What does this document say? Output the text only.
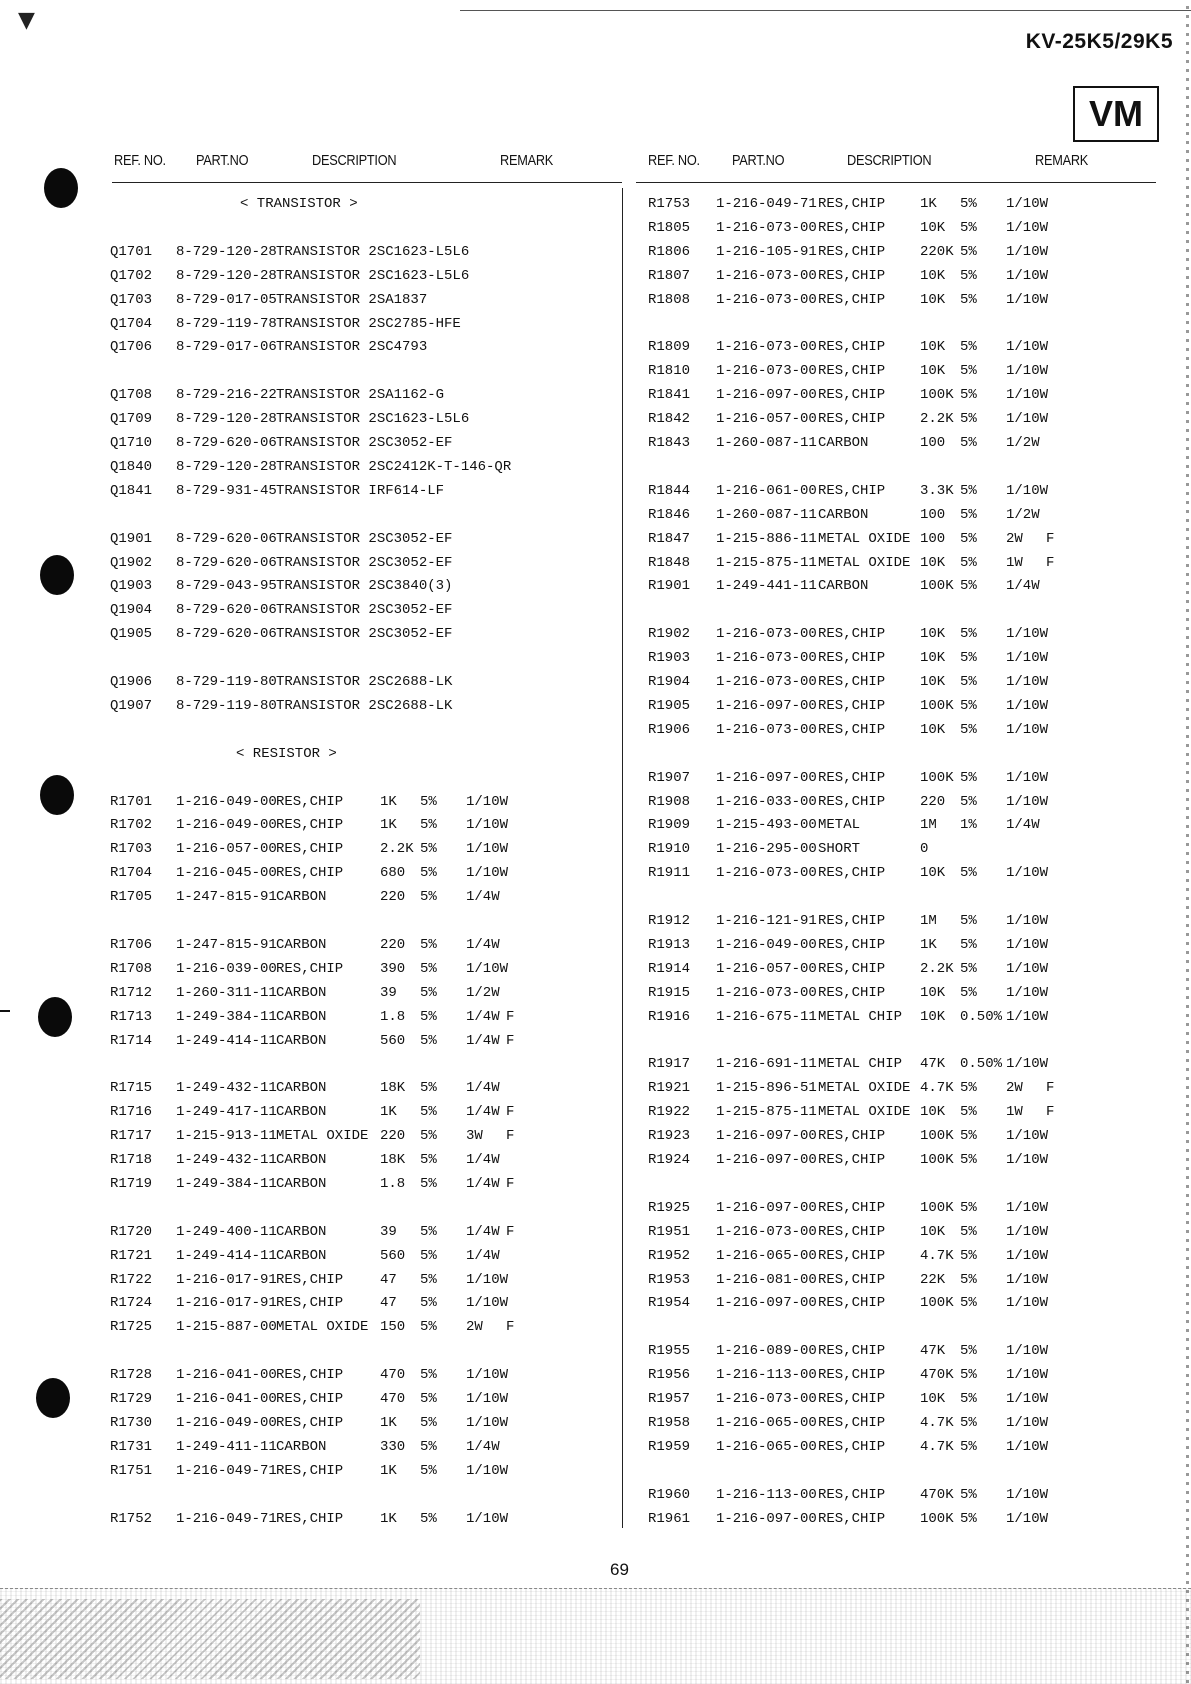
▼
KV-25K5/29K5
VM
REF. NO. PART.NO	DESCRIPTION	REMARK	REF. NO. PART.NO	DESCRIPTION	REMARK
Q1701 8-729-120-28 TRANSISTOR 2SC1623-L5L6
Q1702 8-729-120-28 TRANSISTOR 2SC1623-L5L6
Q1703 8-729-017-05 TRANSISTOR 2SA1837
Q1704 8-729-119-78 TRANSISTOR 2SC2785-HFE
Q1706 8-729-017-06 TRANSISTOR 2SC4793
Q1708 8-729-216-22 TRANSISTOR 2SA1162-G
Q1709 8-729-120-28 TRANSISTOR 2SC1623-L5L6
Q1710 8-729-620-06 TRANSISTOR 2SC3052-EF
Q1840 8-729-120-28 TRANSISTOR 2SC2412K-T-146-QR
Q1841 8-729-931-45 TRANSISTOR IRF614-LF
Q1901 8-729-620-06 TRANSISTOR 2SC3052-EF
Q1902 8-729-620-06 TRANSISTOR 2SC3052-EF
Q1903 8-729-043-95 TRANSISTOR 2SC3840(3)
Q1904 8-729-620-06 TRANSISTOR 2SC3052-EF
Q1905 8-729-620-06 TRANSISTOR 2SC3052-EF
Q1906 8-729-119-80 TRANSISTOR 2SC2688-LK
Q1907 8-729-119-80 TRANSISTOR 2SC2688-LK
R1701 1-216-049-00 RES,CHIP	1K 5% 1/10W
R1702 1-216-049-00 RES,CHIP	1K 5% 1/10W
R1703 1-216-057-00 RES,CHIP	2.2K 5% 1/10W
R1704 1-216-045-00 RES,CHIP	680 5% 1/10W
R1705 1-247-815-91 CARBON	220 5% 1/4W
R1706 1-247-815-91 CARBON	220 5% 1/4W
R1708 1-216-039-00 RES,CHIP	390 5% 1/10W
R1712 1-260-311-11 CARBON	39 5% 1/2W
R1713 1-249-384-11 CARBON	1.8 5% 1/4W F
R1714 1-249-414-11 CARBON	560 5% 1/4W F
R1715 1-249-432-11 CARBON	18K 5% 1/4W
R1716 1-249-417-11 CARBON	1K 5% 1/4W F
R1717 1-215-913-11 METAL OXIDE 220 5% 3W F
R1718 1-249-432-11 CARBON	18K 5% 1/4W
R1719 1-249-384-11 CARBON	1.8 5% 1/4W F
R1720 1-249-400-11 CARBON	39 5% 1/4W F
R1721 1-249-414-11 CARBON	560 5% 1/4W
R1722 1-216-017-91 RES,CHIP	47 5% 1/10W
R1724 1-216-017-91 RES,CHIP	47 5% 1/10W
R1725 1-215-887-00 METAL OXIDE 150 5% 2W F
R1728 1-216-041-00 RES,CHIP	470 5% 1/10W
R1729 1-216-041-00 RES,CHIP	470 5% 1/10W
R1730 1-216-049-00 RES,CHIP	1K 5% 1/10W
R1731 1-249-411-11 CARBON	330 5% 1/4W
R1751 1-216-049-71 RES,CHIP	1K 5% 1/10W
R1752 1-216-049-71 RES,CHIP	1K 5% 1/10W
< TRANSISTOR >
< RESISTOR >
R1753 1-216-049-71 RES,CHIP 1K 5% 1/10W
R1805 1-216-073-00 RES,CHIP 10K 5% 1/10W
R1806 1-216-105-91 RES,CHIP 220K 5% 1/10W
R1807 1-216-073-00 RES,CHIP 10K 5% 1/10W
R1808 1-216-073-00 RES,CHIP 10K 5% 1/10W
R1809 1-216-073-00 RES,CHIP 10K 5% 1/10W
R1810 1-216-073-00 RES,CHIP 10K 5% 1/10W
R1841 1-216-097-00 RES,CHIP 100K 5% 1/10W
R1842 1-216-057-00 RES,CHIP 2.2K 5% 1/10W
R1843 1-260-087-11 CARBON	100 5% 1/2W
R1844 1-216-061-00 RES,CHIP 3.3K 5% 1/10W
R1846 1-260-087-11 CARBON	100 5% 1/2W
R1847 1-215-886-11 METAL OXIDE 100 5% 2W F
R1848 1-215-875-11 METAL OXIDE 10K 5% 1W F
R1901 1-249-441-11 CARBON	100K 5% 1/4W
R1902 1-216-073-00 RES,CHIP 10K 5% 1/10W
R1903 1-216-073-00 RES,CHIP 10K 5% 1/10W
R1904 1-216-073-00 RES,CHIP 10K 5% 1/10W
R1905 1-216-097-00 RES,CHIP 100K 5% 1/10W
R1906 1-216-073-00 RES,CHIP 10K 5% 1/10W
R1907 1-216-097-00 RES,CHIP 100K 5% 1/10W
R1908 1-216-033-00 RES,CHIP 220 5% 1/10W
R1909 1-215-493-00 METAL	1M 1% 1/4W
R1910 1-216-295-00 SHORT	0
R1911 1-216-073-00 RES,CHIP 10K 5% 1/10W
R1912 1-216-121-91 RES,CHIP 1M 5% 1/10W
R1913 1-216-049-00 RES,CHIP 1K 5% 1/10W
R1914 1-216-057-00 RES,CHIP 2.2K 5% 1/10W
R1915 1-216-073-00 RES,CHIP 10K 5% 1/10W
R1916 1-216-675-11 METAL CHIP 10K 0.50% 1/10W
R1917 1-216-691-11 METAL CHIP 47K 0.50% 1/10W
R1921 1-215-896-51 METAL OXIDE 4.7K 5% 2W F
R1922 1-215-875-11 METAL OXIDE 10K 5% 1W F
R1923 1-216-097-00 RES,CHIP 100K 5% 1/10W
R1924 1-216-097-00 RES,CHIP 100K 5% 1/10W
R1925 1-216-097-00 RES,CHIP 100K 5% 1/10W
R1951 1-216-073-00 RES,CHIP 10K 5% 1/10W
R1952 1-216-065-00 RES,CHIP 4.7K 5% 1/10W
R1953 1-216-081-00 RES,CHIP 22K 5% 1/10W
R1954 1-216-097-00 RES,CHIP 100K 5% 1/10W
R1955 1-216-089-00 RES,CHIP 47K 5% 1/10W
R1956 1-216-113-00 RES,CHIP 470K 5% 1/10W
R1957 1-216-073-00 RES,CHIP 10K 5% 1/10W
R1958 1-216-065-00 RES,CHIP 4.7K 5% 1/10W
R1959 1-216-065-00 RES,CHIP 4.7K 5% 1/10W
R1960 1-216-113-00 RES,CHIP 470K 5% 1/10W
R1961 1-216-097-00 RES,CHIP 100K 5% 1/10W
69
